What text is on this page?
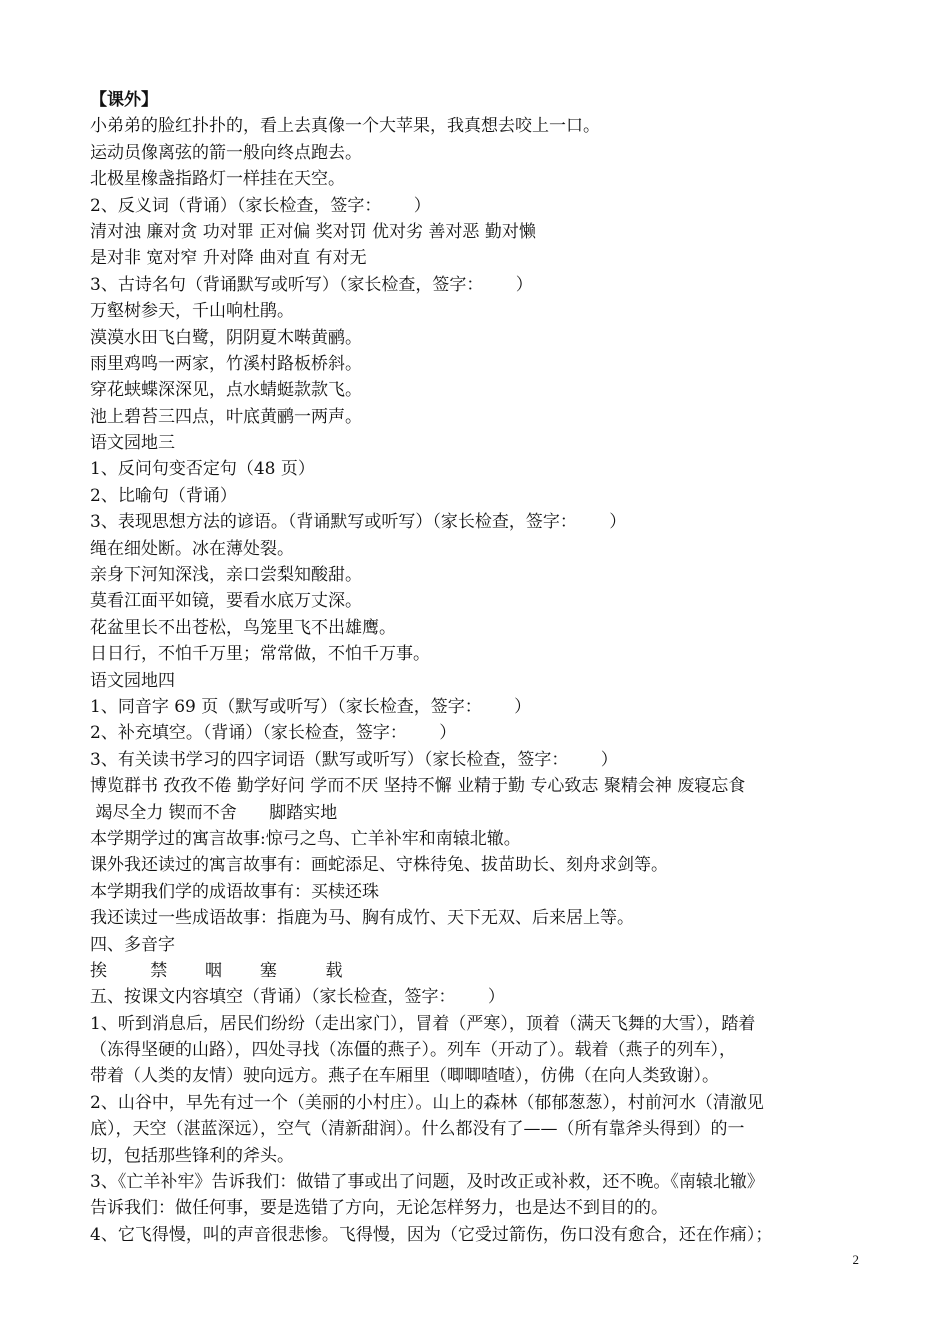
【课外】
小弟弟的脸红扑扑的，看上去真像一个大苹果，我真想去咬上一口。
运动员像离弦的箭一般向终点跑去。
北极星橡盏指路灯一样挂在天空。
2、反义词（背诵）（家长检查，签字：      ）
清对浊 廉对贪 功对罪 正对偏 奖对罚 优对劣 善对恶 勤对懒
是对非 宽对窄 升对降 曲对直 有对无
3、古诗名句（背诵默写或听写）（家长检查，签字：      ）
万壑树参天，千山响杜鹃。
漠漠水田飞白鹭，阴阴夏木啭黄鹂。
雨里鸡鸣一两家，竹溪村路板桥斜。
穿花蛱蝶深深见，点水蜻蜓款款飞。
池上碧苔三四点，叶底黄鹂一两声。
语文园地三
1、反问句变否定句（48 页）
2、比喻句（背诵）
3、表现思想方法的谚语。（背诵默写或听写）（家长检查，签字：      ）
绳在细处断。冰在薄处裂。
亲身下河知深浅，亲口尝梨知酸甜。
莫看江面平如镜，要看水底万丈深。
花盆里长不出苍松，鸟笼里飞不出雄鹰。
日日行，不怕千万里；常常做，不怕千万事。
语文园地四
1、同音字 69 页（默写或听写）（家长检查，签字：      ）
2、补充填空。（背诵）（家长检查，签字：      ）
3、有关读书学习的四字词语（默写或听写）（家长检查，签字：      ）
博览群书 孜孜不倦 勤学好问 学而不厌 坚持不懈 业精于勤 专心致志 聚精会神 废寝忘食
竭尽全力 锲而不舍      脚踏实地
本学期学过的寓言故事:惊弓之鸟、亡羊补牢和南辕北辙。
课外我还读过的寓言故事有：画蛇添足、守株待兔、拔苗助长、刻舟求剑等。
本学期我们学的成语故事有：买椟还珠
我还读过一些成语故事：指鹿为马、胸有成竹、天下无双、后来居上等。
四、多音字
挨        禁       咽       塞         载
五、按课文内容填空（背诵）（家长检查，签字：      ）
1、听到消息后，居民们纷纷（走出家门），冒着（严寒），顶着（满天飞舞的大雪），踏着
（冻得坚硬的山路），四处寻找（冻僵的燕子）。列车（开动了）。载着（燕子的列车），
带着（人类的友情）驶向远方。燕子在车厢里（唧唧喳喳），仿佛（在向人类致谢）。
2、山谷中，早先有过一个（美丽的小村庄）。山上的森林（郁郁葱葱），村前河水（清澈见
底），天空（湛蓝深远），空气（清新甜润）。什么都没有了——（所有靠斧头得到）的一
切，包括那些锋利的斧头。
3、《亡羊补牢》告诉我们：做错了事或出了问题，及时改正或补救，还不晚。《南辕北辙》
告诉我们：做任何事，要是选错了方向，无论怎样努力，也是达不到目的的。
4、它飞得慢，叫的声音很悲惨。飞得慢，因为（它受过箭伤，伤口没有愈合，还在作痛）；
2
